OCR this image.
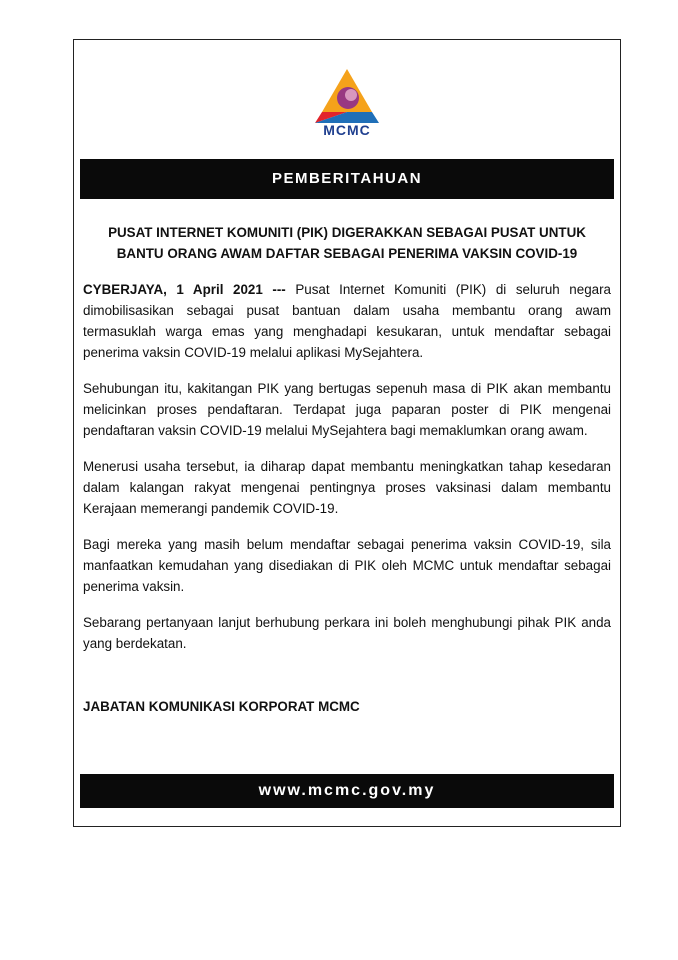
MCMC
PEMBERITAHUAN

PUSAT INTERNET KOMUNITI (PIK) DIGERAKKAN SEBAGAI PUSAT UNTUK BANTU ORANG AWAM DAFTAR SEBAGAI PENERIMA VAKSIN COVID-19

CYBERJAYA, 1 April 2021 --- Pusat Internet Komuniti (PIK) di seluruh negara dimobilisasikan sebagai pusat bantuan dalam usaha membantu orang awam termasuklah warga emas yang menghadapi kesukaran, untuk mendaftar sebagai penerima vaksin COVID-19 melalui aplikasi MySejahtera.

Sehubungan itu, kakitangan PIK yang bertugas sepenuh masa di PIK akan membantu melicinkan proses pendaftaran. Terdapat juga paparan poster di PIK mengenai pendaftaran vaksin COVID-19 melalui MySejahtera bagi memaklumkan orang awam.

Menerusi usaha tersebut, ia diharap dapat membantu meningkatkan tahap kesedaran dalam kalangan rakyat mengenai pentingnya proses vaksinasi dalam membantu Kerajaan memerangi pandemik COVID-19.

Bagi mereka yang masih belum mendaftar sebagai penerima vaksin COVID-19, sila manfaatkan kemudahan yang disediakan di PIK oleh MCMC untuk mendaftar sebagai penerima vaksin.

Sebarang pertanyaan lanjut berhubung perkara ini boleh menghubungi pihak PIK anda yang berdekatan.

JABATAN KOMUNIKASI KORPORAT MCMC

www.mcmc.gov.my
